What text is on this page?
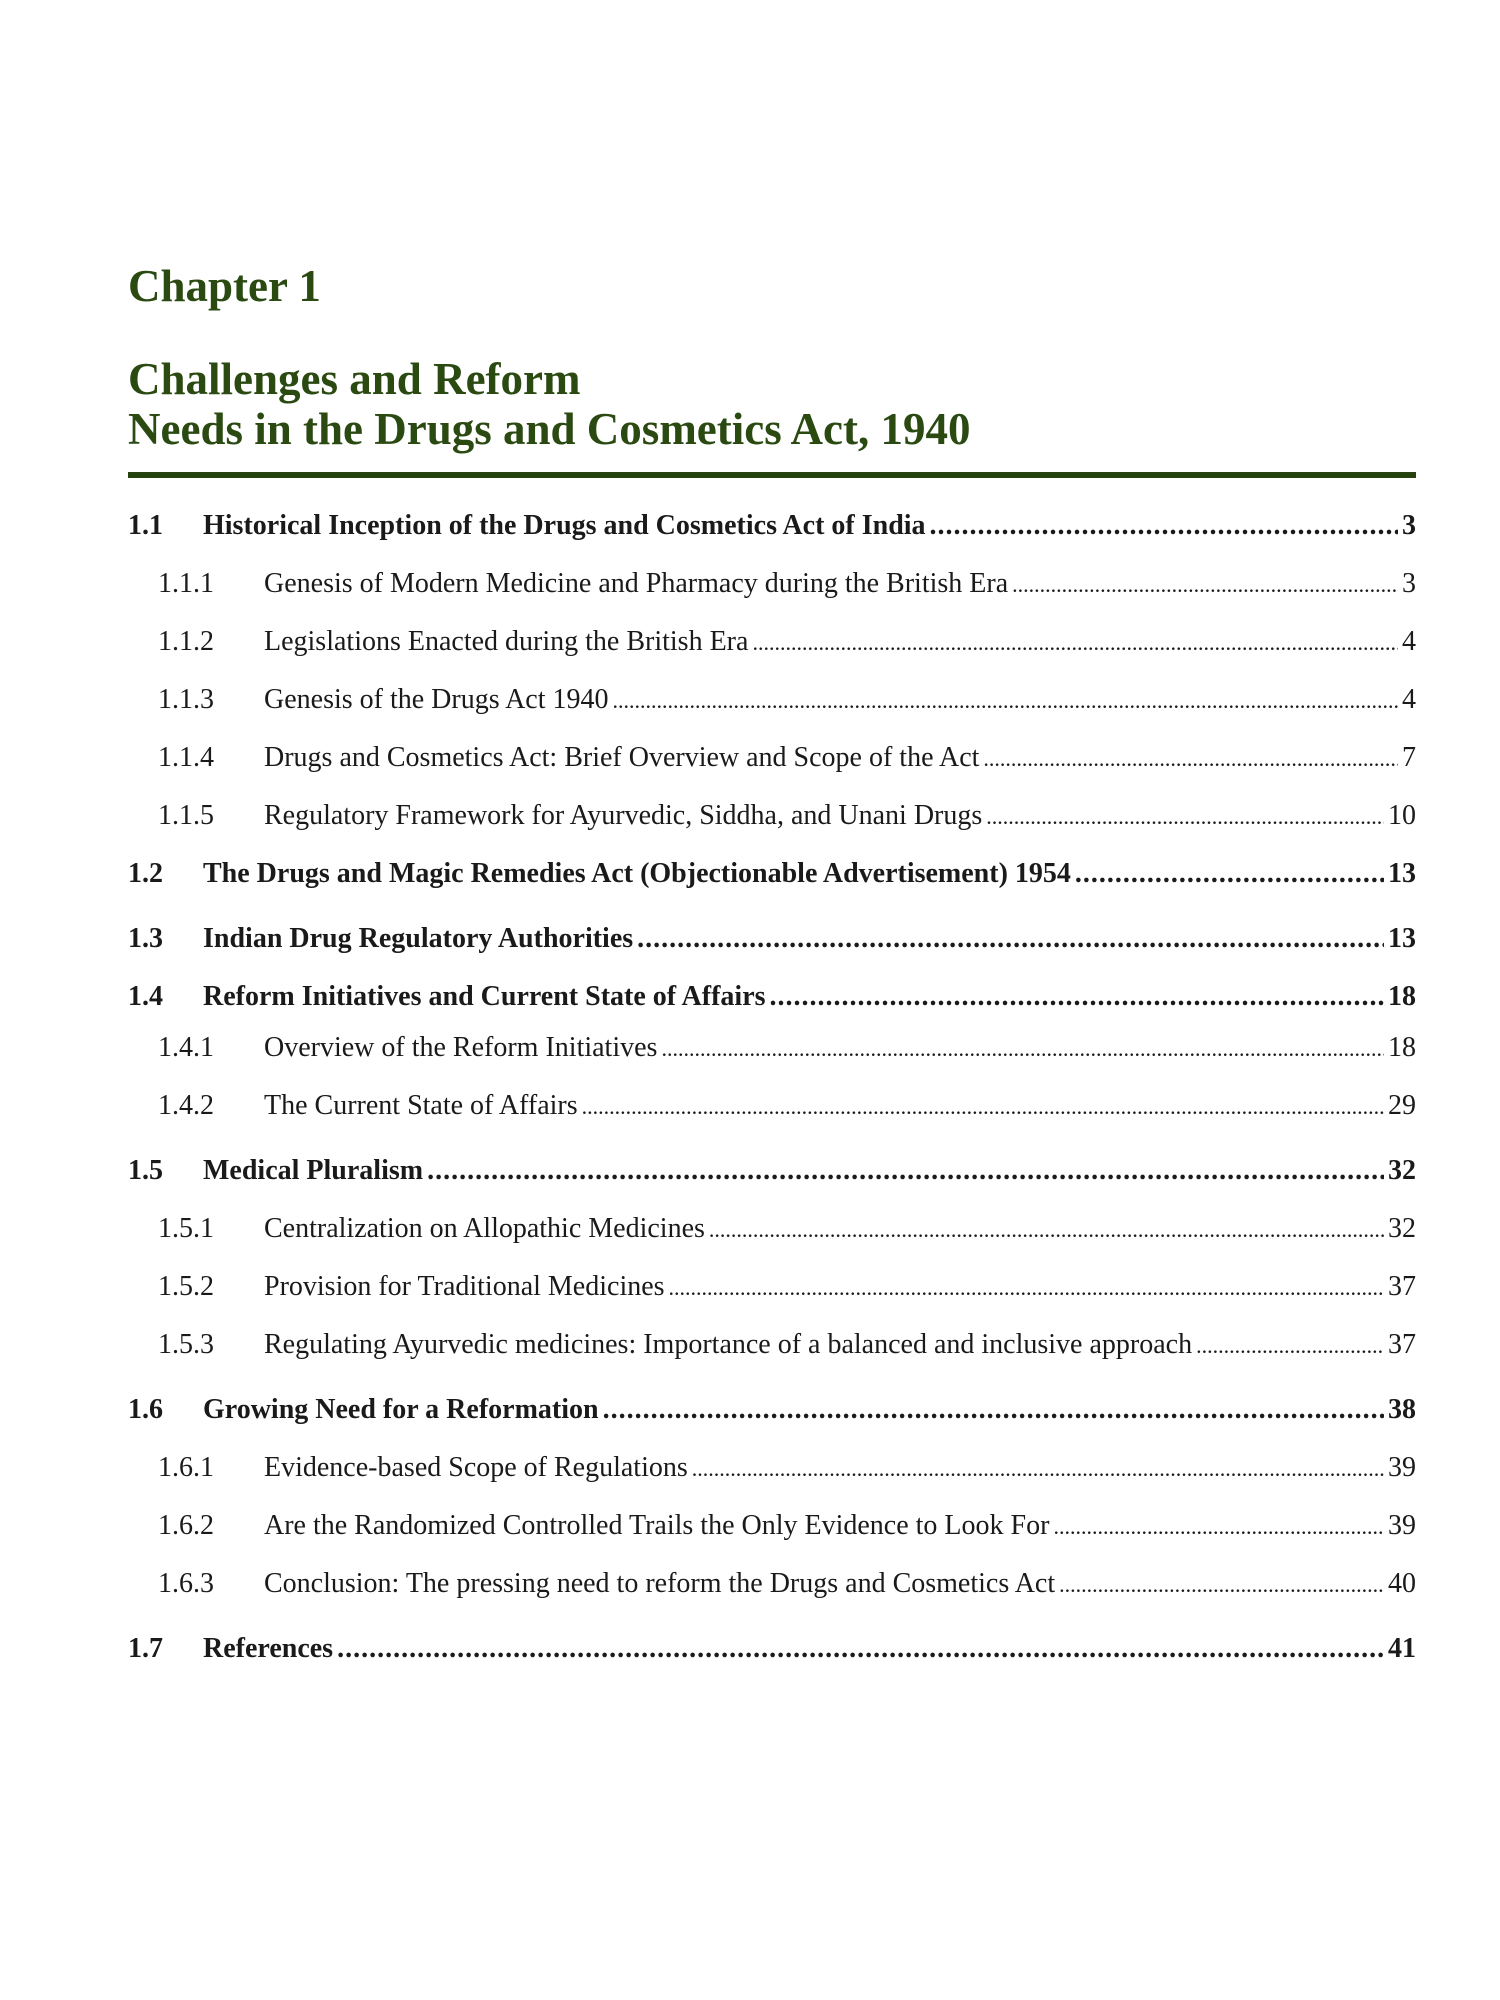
Chapter 1
Challenges and Reform
Needs in the Drugs and Cosmetics Act, 1940
1.1	Historical Inception of the Drugs and Cosmetics Act of India .....	3
1.1.1	Genesis of Modern Medicine and Pharmacy during the British Era .....	3
1.1.2	Legislations Enacted during the British Era .....	4
1.1.3	Genesis of the Drugs Act 1940 .....	4
1.1.4	Drugs and Cosmetics Act: Brief Overview and Scope of the Act .....	7
1.1.5	Regulatory Framework for Ayurvedic, Siddha, and Unani Drugs .....	10
1.2	The Drugs and Magic Remedies Act (Objectionable Advertisement) 1954 .....	13
1.3	Indian Drug Regulatory Authorities .....	13
1.4	Reform Initiatives and Current State of Affairs .....	18
1.4.1	Overview of the Reform Initiatives .....	18
1.4.2	The Current State of Affairs .....	29
1.5	Medical Pluralism .....	32
1.5.1	Centralization on Allopathic Medicines .....	32
1.5.2	Provision for Traditional Medicines .....	37
1.5.3	Regulating Ayurvedic medicines: Importance of a balanced and inclusive approach .....	37
1.6	Growing Need for a Reformation .....	38
1.6.1	Evidence-based Scope of Regulations .....	39
1.6.2	Are the Randomized Controlled Trails the Only Evidence to Look For .....	39
1.6.3	Conclusion: The pressing need to reform the Drugs and Cosmetics Act .....	40
1.7	References .....	41
